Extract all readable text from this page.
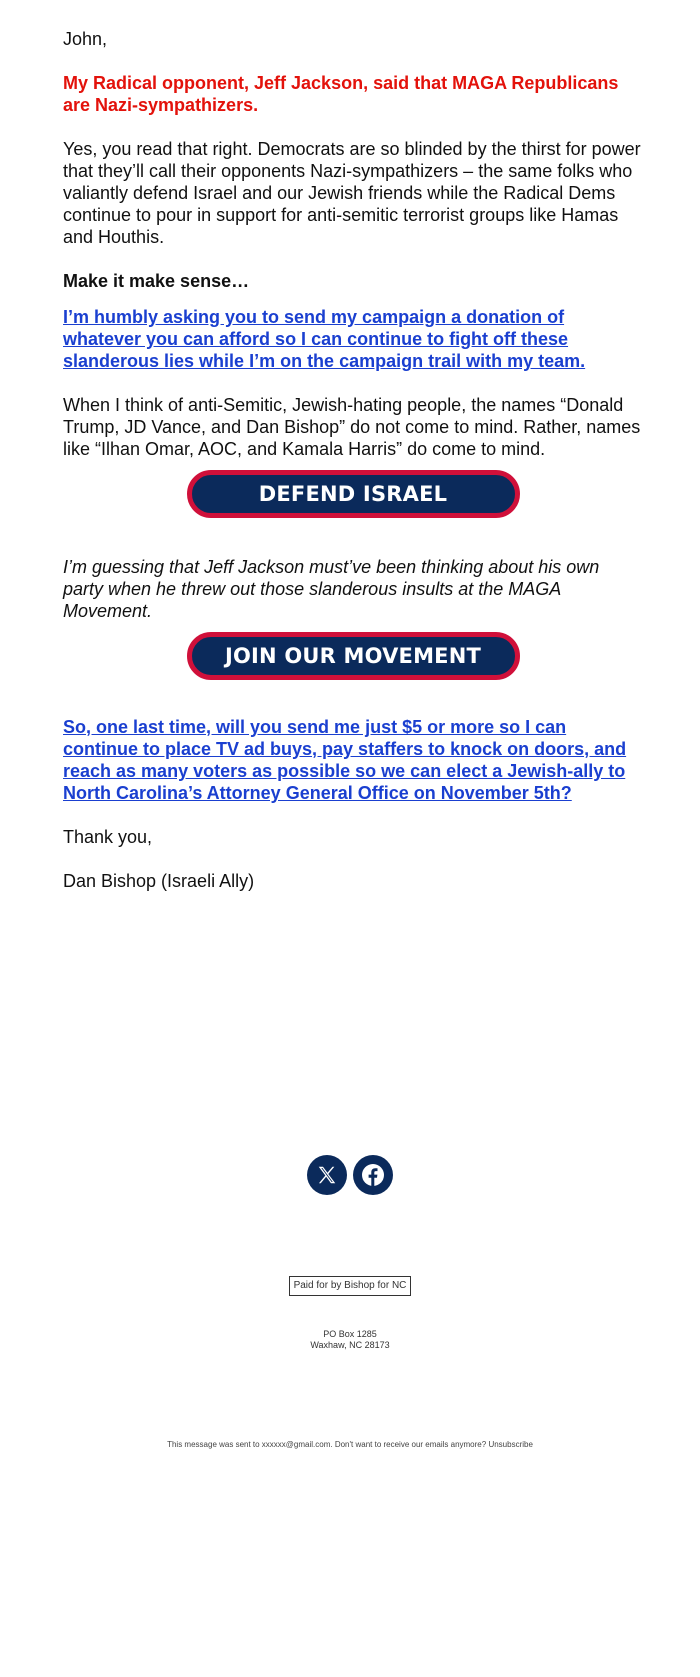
John,

My Radical opponent, Jeff Jackson, said that MAGA Republicans are Nazi-sympathizers.

Yes, you read that right. Democrats are so blinded by the thirst for power that they’ll call their opponents Nazi-sympathizers – the same folks who valiantly defend Israel and our Jewish friends while the Radical Dems continue to pour in support for anti-semitic terrorist groups like Hamas and Houthis.

Make it make sense…

I’m humbly asking you to send my campaign a donation of whatever you can afford so I can continue to fight off these slanderous lies while I’m on the campaign trail with my team.

When I think of anti-Semitic, Jewish-hating people, the names “Donald Trump, JD Vance, and Dan Bishop” do not come to mind. Rather, names like “Ilhan Omar, AOC, and Kamala Harris” do come to mind.

DEFEND ISRAEL

I’m guessing that Jeff Jackson must’ve been thinking about his own party when he threw out those slanderous insults at the MAGA Movement.

JOIN OUR MOVEMENT

So, one last time, will you send me just $5 or more so I can continue to place TV ad buys, pay staffers to knock on doors, and reach as many voters as possible so we can elect a Jewish-ally to North Carolina’s Attorney General Office on November 5th?

Thank you,

Dan Bishop (Israeli Ally)

Paid for by Bishop for NC
PO Box 1285
Waxhaw, NC 28173
This message was sent to xxxxxx@gmail.com. Don't want to receive our emails anymore? Unsubscribe
